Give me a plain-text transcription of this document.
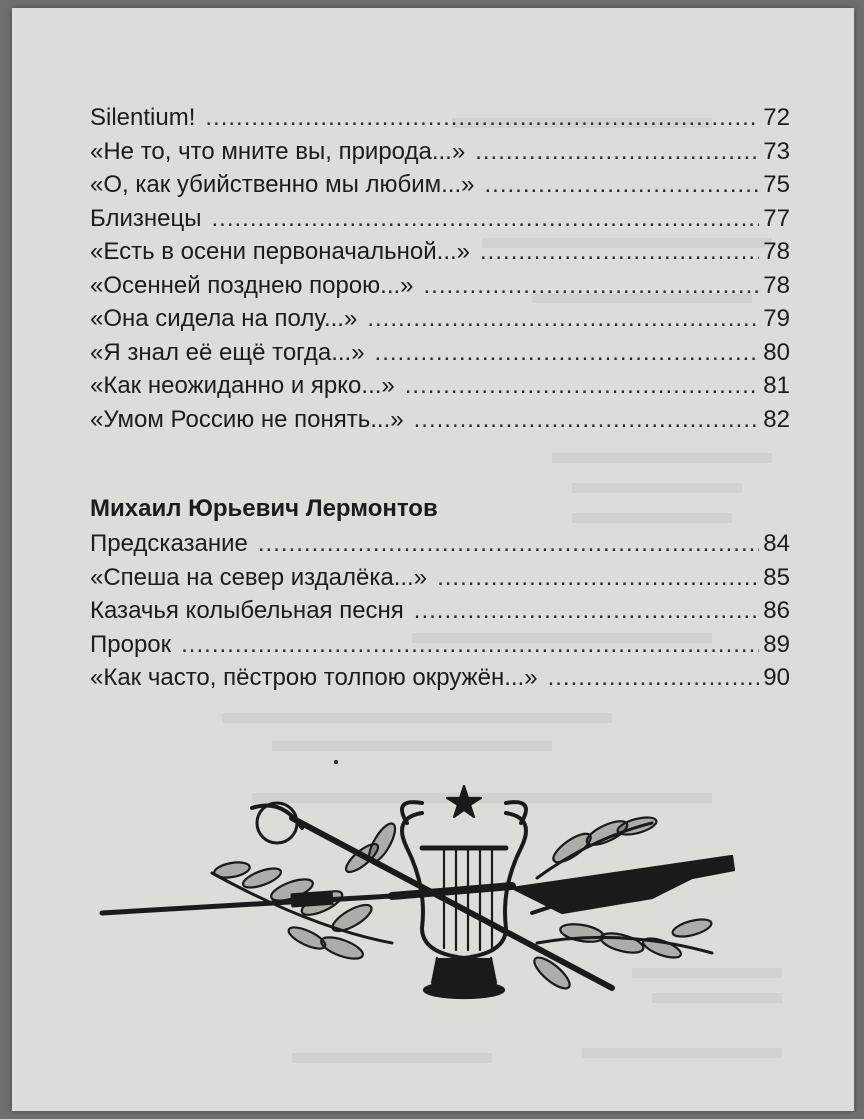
Silentium! .....	72
«Не то, что мните вы, природа...» .....	73
«О, как убийственно мы любим...» .....	75
Близнецы .....	77
«Есть в осени первоначальной...» .....	78
«Осенней позднею порою...» .....	78
«Она сидела на полу...» .....	79
«Я знал её ещё тогда...» .....	80
«Как неожиданно и ярко...» .....	81
«Умом Россию не понять...» .....	82
Михаил Юрьевич Лермонтов
Предсказание .....	84
«Спеша на север издалёка...» .....	85
Казачья колыбельная песня .....	86
Пророк .....	89
«Как часто, пёстрою толпою окружён...» .....	90
